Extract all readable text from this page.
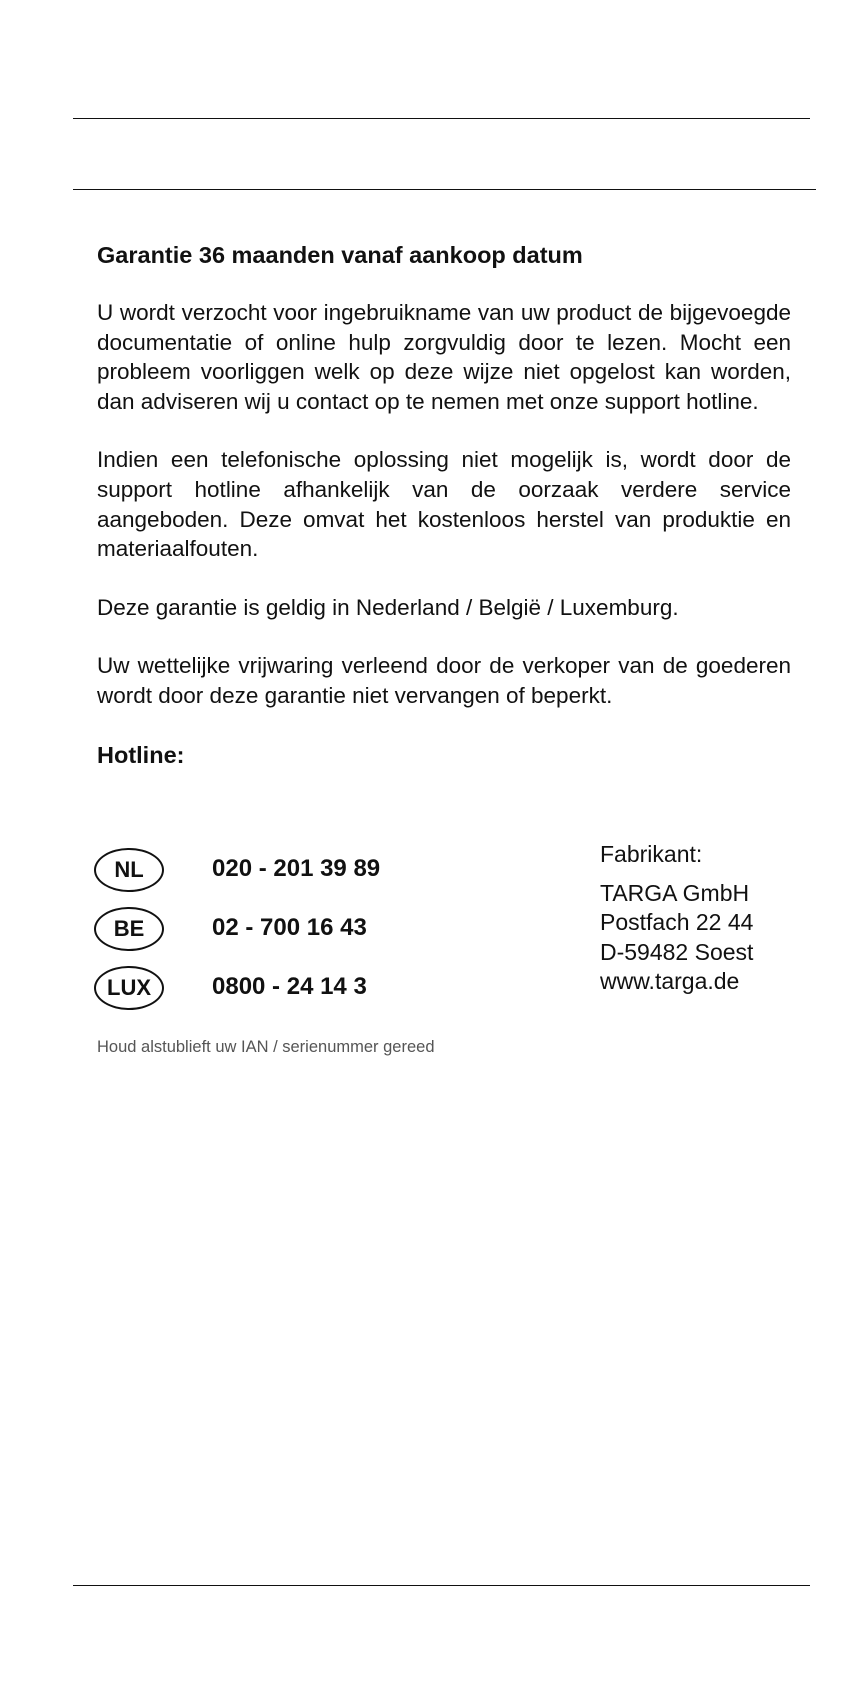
Garantie 36 maanden vanaf aankoop datum

U wordt verzocht voor ingebruikname van uw product de bijgevoegde documentatie of online hulp zorgvuldig door te lezen. Mocht een probleem voorliggen welk op deze wijze niet opgelost kan worden, dan adviseren wij u contact op te nemen met onze support hotline.

Indien een telefonische oplossing niet mogelijk is, wordt door de support hotline afhankelijk van de oorzaak verdere service aangeboden. Deze omvat het kostenloos herstel van produktie en materiaalfouten.

Deze garantie is geldig in Nederland / België / Luxemburg.

Uw wettelijke vrijwaring verleend door de verkoper van de goederen wordt door deze garantie niet vervangen of beperkt.

Hotline:
NL	020 - 201 39 89
BE	02 - 700 16 43
LUX	0800 - 24 14 3
Fabrikant:
TARGA GmbH
Postfach 22 44
D-59482 Soest
www.targa.de
Houd alstublieft uw IAN / serienummer gereed
